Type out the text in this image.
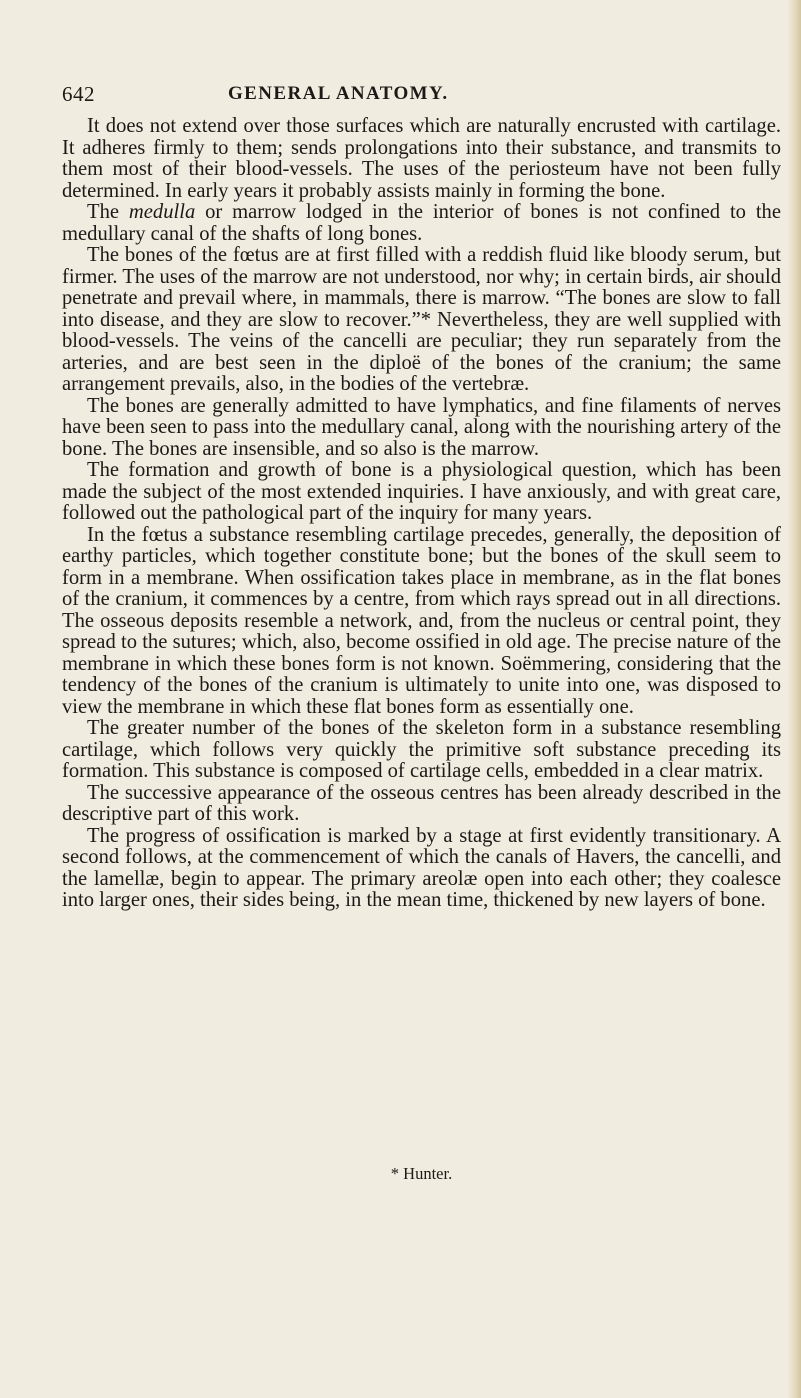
642	GENERAL ANATOMY.

It does not extend over those surfaces which are naturally encrusted with cartilage. It adheres firmly to them; sends prolongations into their substance, and transmits to them most of their blood-vessels. The uses of the periosteum have not been fully determined. In early years it probably assists mainly in forming the bone.

The medulla or marrow lodged in the interior of bones is not confined to the medullary canal of the shafts of long bones.

The bones of the fœtus are at first filled with a reddish fluid like bloody serum, but firmer. The uses of the marrow are not understood, nor why; in certain birds, air should penetrate and prevail where, in mammals, there is marrow. “The bones are slow to fall into disease, and they are slow to recover.”* Nevertheless, they are well supplied with blood-vessels. The veins of the cancelli are peculiar; they run separately from the arteries, and are best seen in the diploë of the bones of the cranium; the same arrangement prevails, also, in the bodies of the vertebræ.

The bones are generally admitted to have lymphatics, and fine filaments of nerves have been seen to pass into the medullary canal, along with the nourishing artery of the bone. The bones are insensible, and so also is the marrow.

The formation and growth of bone is a physiological question, which has been made the subject of the most extended inquiries. I have anxiously, and with great care, followed out the pathological part of the inquiry for many years.

In the fœtus a substance resembling cartilage precedes, generally, the deposition of earthy particles, which together constitute bone; but the bones of the skull seem to form in a membrane. When ossification takes place in membrane, as in the flat bones of the cranium, it commences by a centre, from which rays spread out in all directions. The osseous deposits resemble a network, and, from the nucleus or central point, they spread to the sutures; which, also, become ossified in old age. The precise nature of the membrane in which these bones form is not known. Soëmmering, considering that the tendency of the bones of the cranium is ultimately to unite into one, was disposed to view the membrane in which these flat bones form as essentially one.

The greater number of the bones of the skeleton form in a substance resembling cartilage, which follows very quickly the primitive soft substance preceding its formation. This substance is composed of cartilage cells, embedded in a clear matrix.

The successive appearance of the osseous centres has been already described in the descriptive part of this work.

The progress of ossification is marked by a stage at first evidently transitionary. A second follows, at the commencement of which the canals of Havers, the cancelli, and the lamellæ, begin to appear. The primary areolæ open into each other; they coalesce into larger ones, their sides being, in the mean time, thickened by new layers of bone.

* Hunter.
